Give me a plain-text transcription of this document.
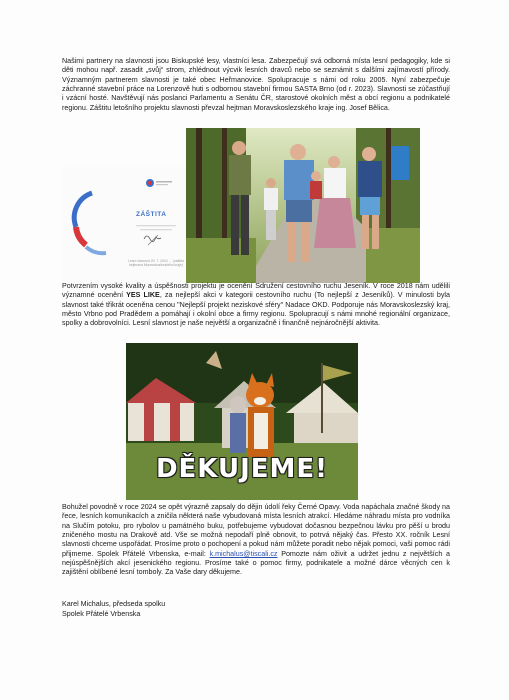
Našimi partnery na slavnosti jsou Biskupské lesy, vlastníci lesa. Zabezpečují svá odborná místa lesní pedagogiky, kde si děti mohou např. zasadit „svůj“ strom, zhlédnout výcvik lesních dravců nebo se seznámit s dalšími zajímavostí přírody. Významným partnerem slavnosti je také obec Heřmanovice. Spolupracuje s námi od roku 2005. Nyní zabezpečuje záchranné stavební práce na Lorenzově huti s odbornou stavební firmou SASTA Brno (od r. 2023). Slavnosti se zúčastňují i vzácní hosté. Navštěvují nás poslanci Parlamentu a Senátu ČR, starostové okolních měst a obcí regionu a podnikatelé regionu. Záštitu letošního projektu slavnosti převzal hejtman Moravskoslezského kraje ing. Josef Bělica.

ZÁŠTITA
Lesní slavnost 20. 7. 2024 … (záštita hejtmana Moravskoslezského kraje)

Potvrzením vysoké kvality a úspěšnosti projektu je ocenění Sdružení cestovního ruchu Jeseník. V roce 2018 nám udělili významné ocenění YES LIKE, za nejlepší akci v kategorii cestovního ruchu (To nejlepší z Jeseníků). V minulosti byla slavnost také třikrát oceněna cenou "Nejlepší projekt neziskové sféry" Nadace OKD. Podporuje nás Moravskoslezský kraj, město Vrbno pod Pradědem a pomáhají i okolní obce a firmy regionu. Spolupracují s námi mnohé regionální organizace, spolky a dobrovolníci. Lesní slavnost je naše největší a organizačně i finančně nejnáročnější aktivita.

DĚKUJEME!

Bohužel povodně v roce 2024 se opět výrazně zapsaly do dějin údolí řeky Černé Opavy. Voda napáchala značné škody na řece, lesních komunikacích a zničila některá naše vybudovaná místa lesních atrakcí. Hledáme náhradu místa pro vodníka na Slučím potoku, pro rybolov u památného buku, potřebujeme vybudovat dočasnou bezpečnou lávku pro pěší u brodu zničeného mostu na Drakově atd. Vše se možná nepodaří plně obnovit, to potrvá nějaký čas. Přesto XX. ročník Lesní slavnosti chceme uspořádat. Prosíme proto o pochopení a pokud nám můžete poradit nebo nějak pomoci, vaši pomoc rádi přijmeme. Spolek Přátelé Vrbenska, e-mail: k.michalus@tiscali.cz Pomozte nám oživit a udržet jednu z největších a nejúspěšnějších akcí jesenického regionu. Prosíme také o pomoc firmy, podnikatele a možné dárce věcných cen k zajištění oblíbené lesní tomboly. Za Vaše dary děkujeme.

Karel Michalus, předseda spolku
Spolek Přátelé Vrbenska
